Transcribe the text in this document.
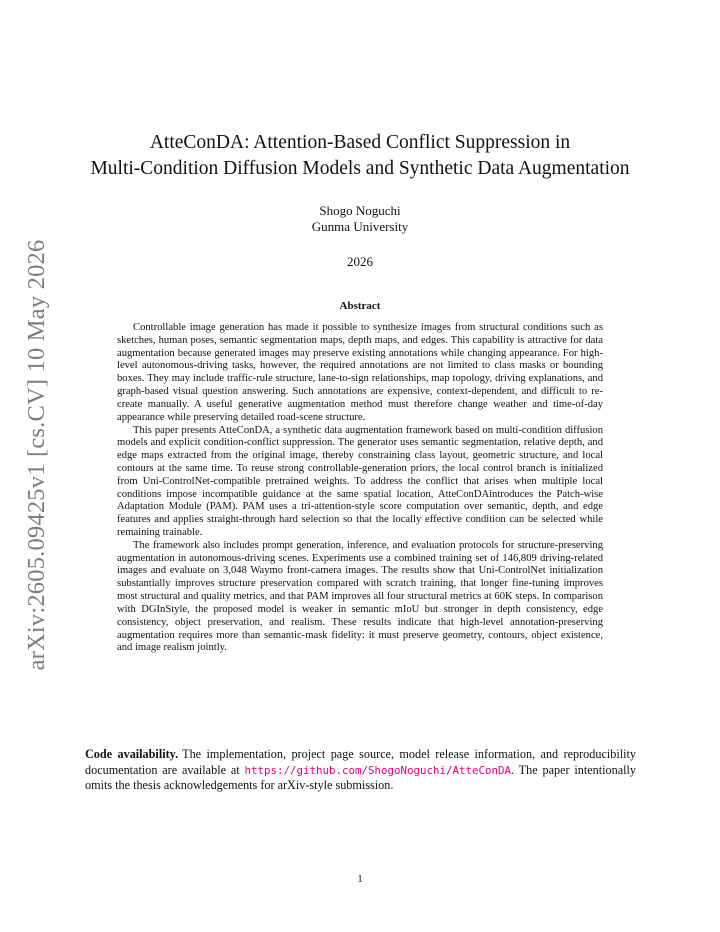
arXiv:2605.09425v1 [cs.CV] 10 May 2026
AtteConDA: Attention-Based Conflict Suppression in
Multi-Condition Diffusion Models and Synthetic Data Augmentation
Shogo Noguchi
Gunma University
2026
Abstract

Controllable image generation has made it possible to synthesize images from structural conditions such as sketches, human poses, semantic segmentation maps, depth maps, and edges. This capability is attractive for data augmentation because generated images may preserve existing annotations while changing appearance. For high-level autonomous-driving tasks, however, the required annotations are not limited to class masks or bounding boxes. They may include traffic-rule structure, lane-to-sign relationships, map topology, driving explanations, and graph-based visual question answering. Such annotations are expensive, context-dependent, and difficult to re-create manually. A useful generative augmentation method must therefore change weather and time-of-day appearance while preserving detailed road-scene structure.

This paper presents AtteConDA, a synthetic data augmentation framework based on multi-condition diffusion models and explicit condition-conflict suppression. The generator uses semantic segmentation, relative depth, and edge maps extracted from the original image, thereby constraining class layout, geometric structure, and local contours at the same time. To reuse strong controllable-generation priors, the local control branch is initialized from Uni-ControlNet-compatible pretrained weights. To address the conflict that arises when multiple local conditions impose incompatible guidance at the same spatial location, AtteConDAintroduces the Patch-wise Adaptation Module (PAM). PAM uses a tri-attention-style score computation over semantic, depth, and edge features and applies straight-through hard selection so that the locally effective condition can be selected while remaining trainable.

The framework also includes prompt generation, inference, and evaluation protocols for structure-preserving augmentation in autonomous-driving scenes. Experiments use a combined training set of 146,809 driving-related images and evaluate on 3,048 Waymo front-camera images. The results show that Uni-ControlNet initialization substantially improves structure preservation compared with scratch training, that longer fine-tuning improves most structural and quality metrics, and that PAM improves all four structural metrics at 60K steps. In comparison with DGInStyle, the proposed model is weaker in semantic mIoU but stronger in depth consistency, edge consistency, object preservation, and realism. These results indicate that high-level annotation-preserving augmentation requires more than semantic-mask fidelity: it must preserve geometry, contours, object existence, and image realism jointly.

Code availability. The implementation, project page source, model release information, and reproducibility documentation are available at https://github.com/ShogoNoguchi/AtteConDA. The paper intentionally omits the thesis acknowledgements for arXiv-style submission.

1
